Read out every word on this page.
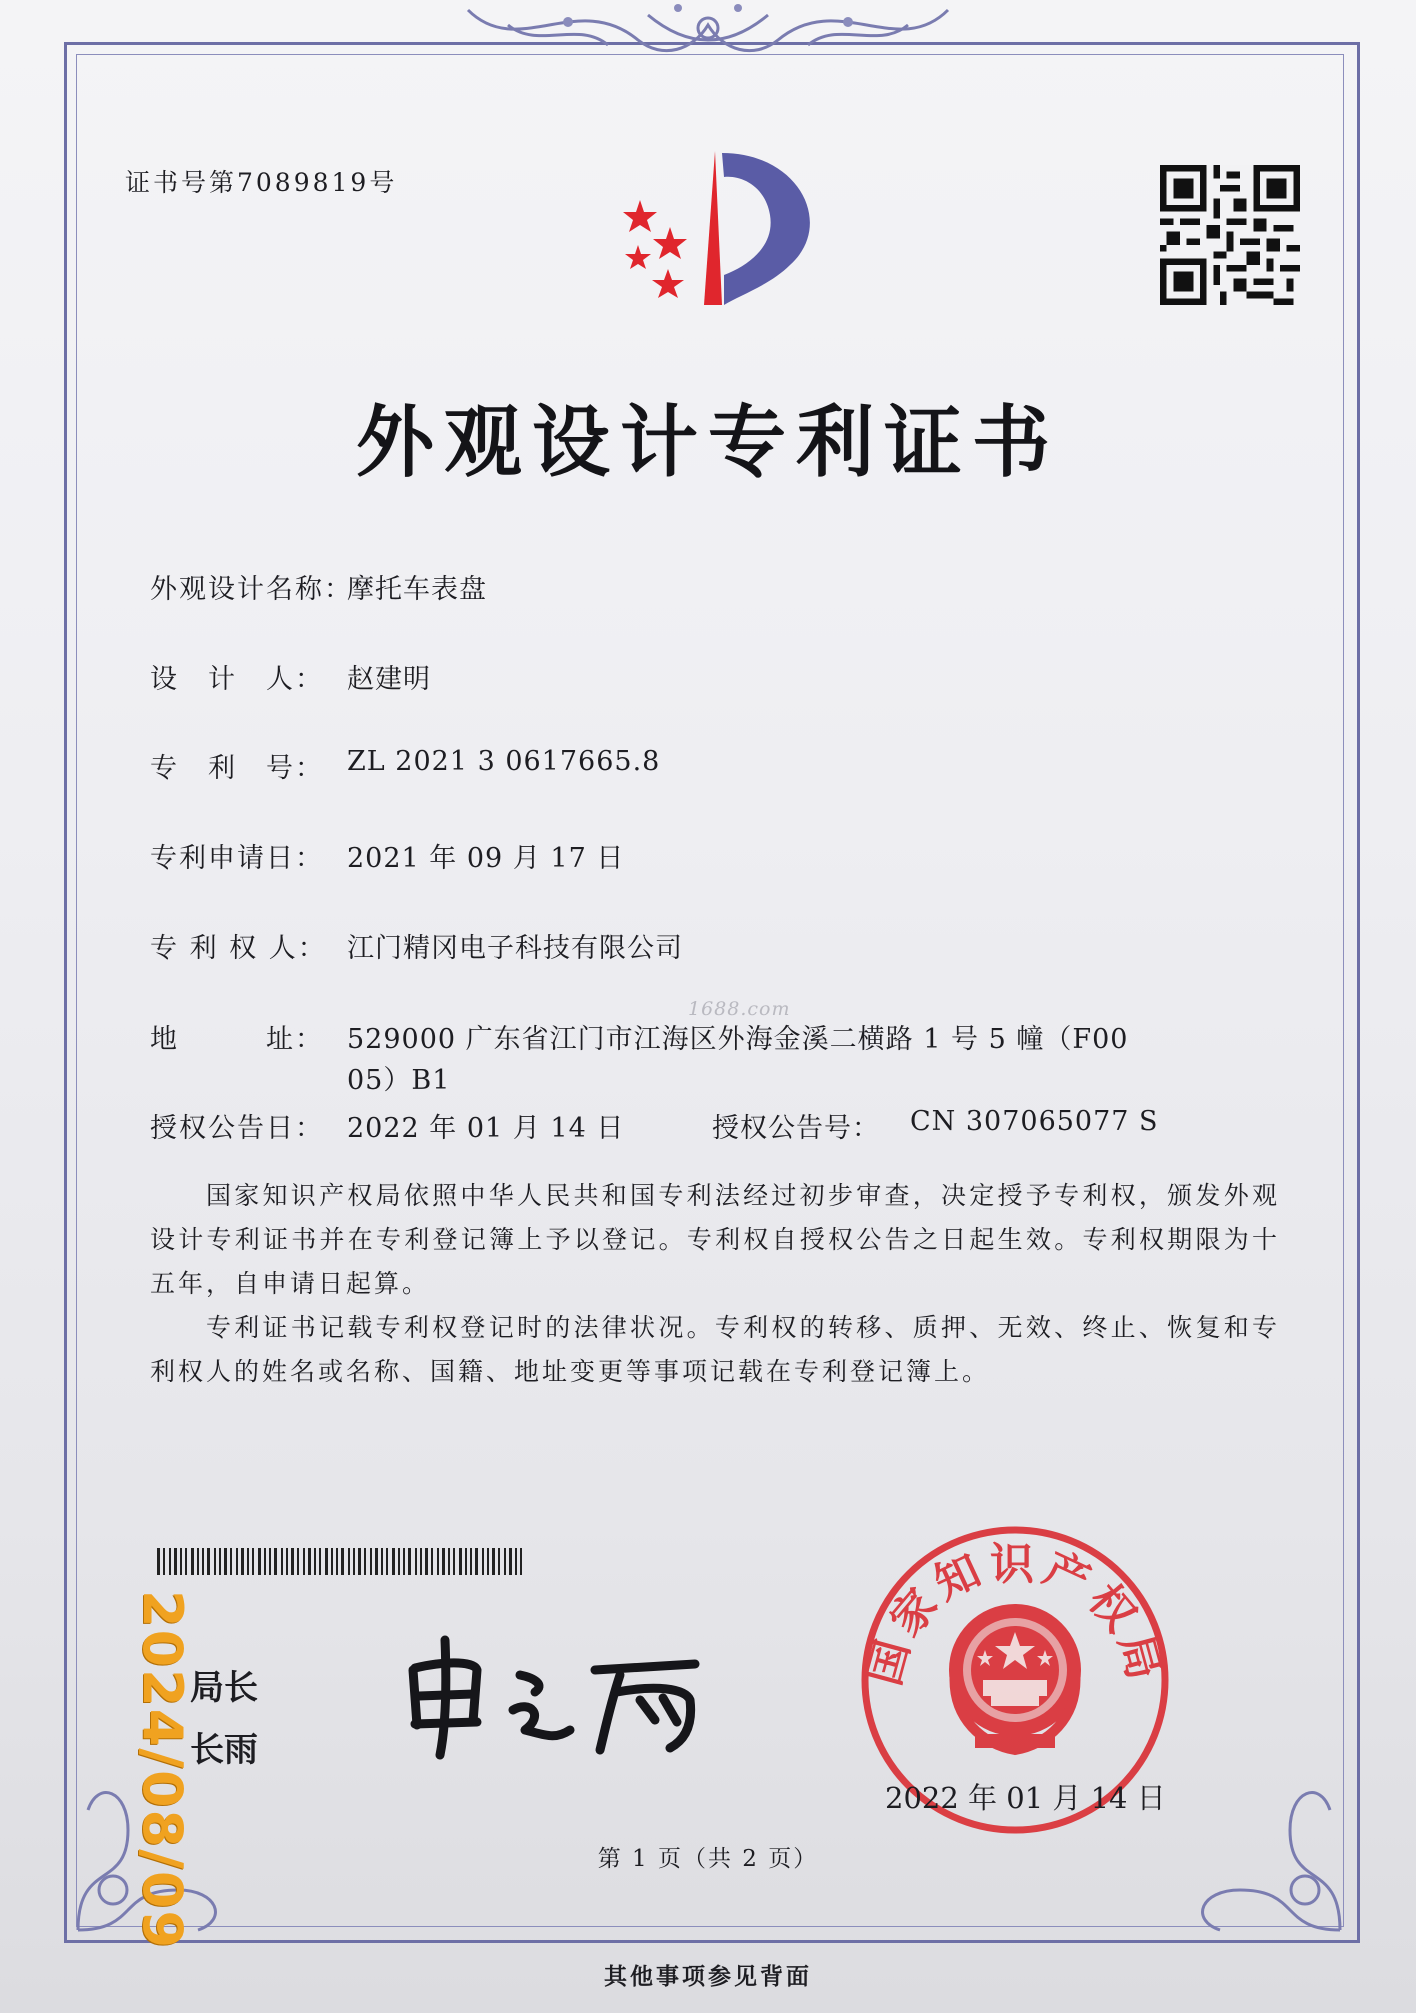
证书号第7089819号
外观设计专利证书
外观设计名称：
摩托车表盘
设　计　人： 赵建明
专　利　号： ZL 2021 3 0617665.8
专利申请日： 2021 年 09 月 17 日
专 利 权 人： 江门精冈电子科技有限公司
1688.com
地　　　址： 529000 广东省江门市江海区外海金溪二横路 1 号 5 幢（F00
05）B1
授权公告日： 2022 年 01 月 14 日	授权公告号： CN 307065077 S

国家知识产权局依照中华人民共和国专利法经过初步审查，决定授予专利权，颁发外观设计专利证书并在专利登记簿上予以登记。专利权自授权公告之日起生效。专利权期限为十五年，自申请日起算。

专利证书记载专利权登记时的法律状况。专利权的转移、质押、无效、终止、恢复和专利权人的姓名或名称、国籍、地址变更等事项记载在专利登记簿上。

局长
长雨
2024/08/09	国家知识产权局
2022 年 01 月 14 日
第 1 页（共 2 页）
其他事项参见背面
